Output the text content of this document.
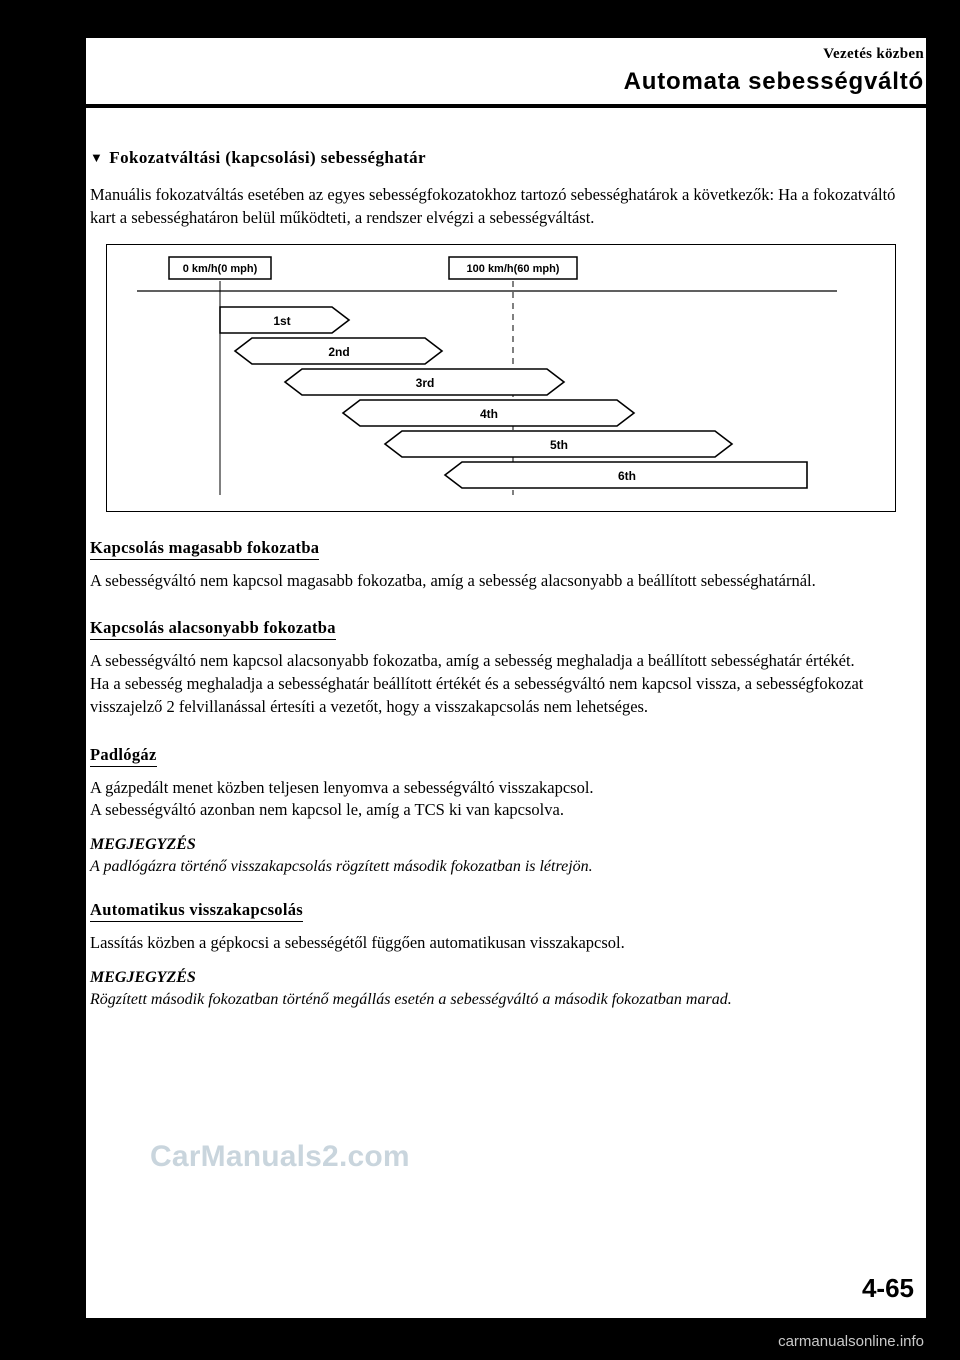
Vezetés közben
Automata sebességváltó
▼ Fokozatváltási (kapcsolási) sebességhatár

Manuális fokozatváltás esetében az egyes sebességfokozatokhoz tartozó sebességhatárok a következők: Ha a fokozatváltó kart a sebességhatáron belül működteti, a rendszer elvégzi a sebességváltást.

0 km/h(0 mph)	100 km/h(60 mph)
1st
2nd
3rd
4th
5th
6th
Kapcsolás magasabb fokozatba

A sebességváltó nem kapcsol magasabb fokozatba, amíg a sebesség alacsonyabb a beállított sebességhatárnál.

Kapcsolás alacsonyabb fokozatba

A sebességváltó nem kapcsol alacsonyabb fokozatba, amíg a sebesség meghaladja a beállított sebességhatár értékét.

Ha a sebesség meghaladja a sebességhatár beállított értékét és a sebességváltó nem kapcsol vissza, a sebességfokozat visszajelző 2 felvillanással értesíti a vezetőt, hogy a visszakapcsolás nem lehetséges.

Padlógáz

A gázpedált menet közben teljesen lenyomva a sebességváltó visszakapcsol.

A sebességváltó azonban nem kapcsol le, amíg a TCS ki van kapcsolva.

MEGJEGYZÉS

A padlógázra történő visszakapcsolás rögzített második fokozatban is létrejön.

Automatikus visszakapcsolás

Lassítás közben a gépkocsi a sebességétől függően automatikusan visszakapcsol.

MEGJEGYZÉS

Rögzített második fokozatban történő megállás esetén a sebességváltó a második fokozatban marad.

CarManuals2.com
4-65
carmanualsonline.info
